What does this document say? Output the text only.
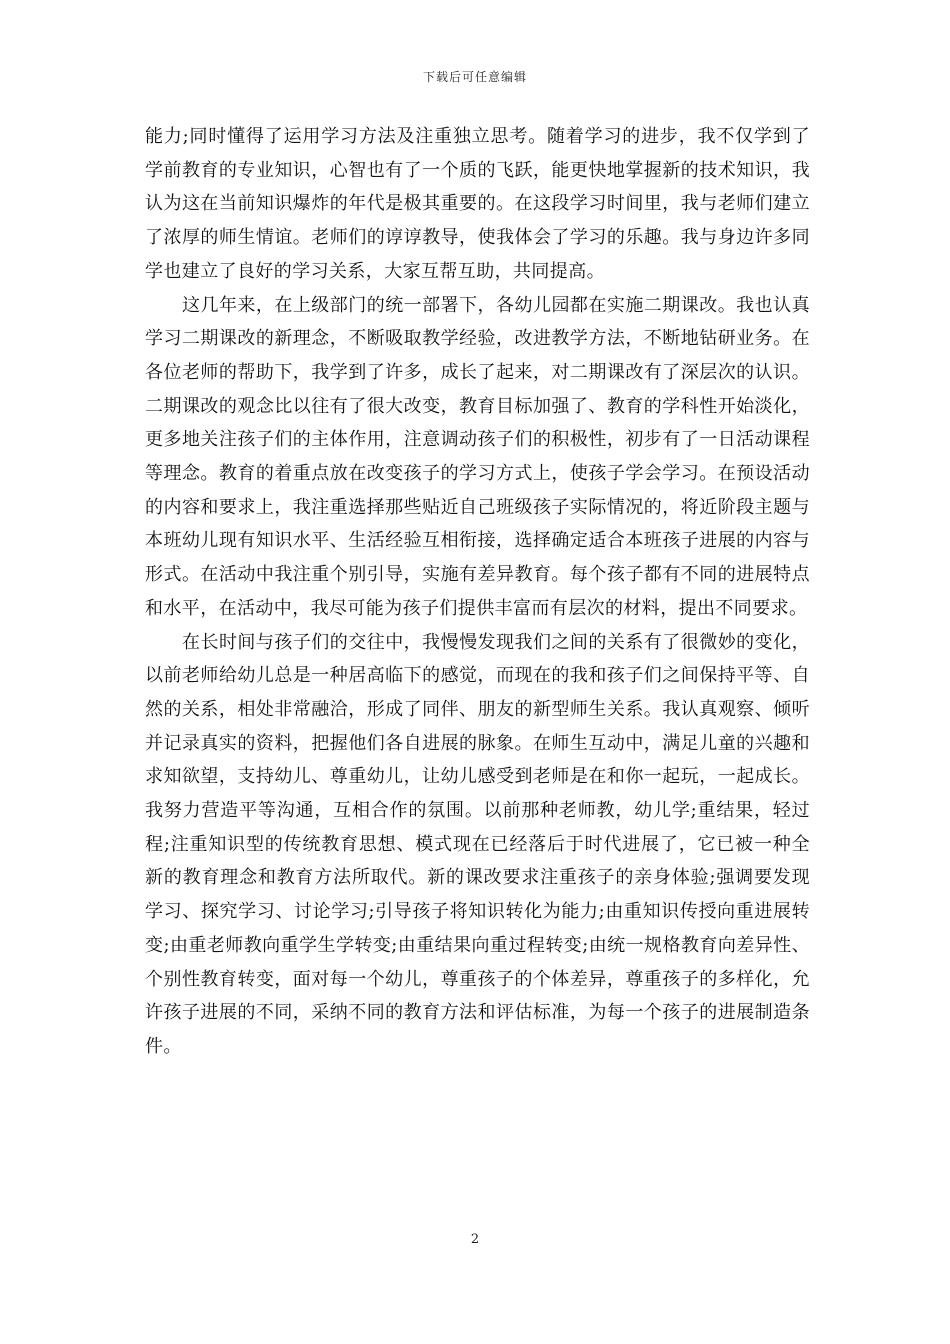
下载后可任意编辑

能力;同时懂得了运用学习方法及注重独立思考。随着学习的进步，我不仅学到了学前教育的专业知识，心智也有了一个质的飞跃，能更快地掌握新的技术知识，我认为这在当前知识爆炸的年代是极其重要的。在这段学习时间里，我与老师们建立了浓厚的师生情谊。老师们的谆谆教导，使我体会了学习的乐趣。我与身边许多同学也建立了良好的学习关系，大家互帮互助，共同提高。

这几年来，在上级部门的统一部署下，各幼儿园都在实施二期课改。我也认真学习二期课改的新理念，不断吸取教学经验，改进教学方法，不断地钻研业务。在各位老师的帮助下，我学到了许多，成长了起来，对二期课改有了深层次的认识。二期课改的观念比以往有了很大改变，教育目标加强了、教育的学科性开始淡化，更多地关注孩子们的主体作用，注意调动孩子们的积极性，初步有了一日活动课程等理念。教育的着重点放在改变孩子的学习方式上，使孩子学会学习。在预设活动的内容和要求上，我注重选择那些贴近自己班级孩子实际情况的，将近阶段主题与本班幼儿现有知识水平、生活经验互相衔接，选择确定适合本班孩子进展的内容与形式。在活动中我注重个别引导，实施有差异教育。每个孩子都有不同的进展特点和水平，在活动中，我尽可能为孩子们提供丰富而有层次的材料，提出不同要求。

在长时间与孩子们的交往中，我慢慢发现我们之间的关系有了很微妙的变化，以前老师给幼儿总是一种居高临下的感觉，而现在的我和孩子们之间保持平等、自然的关系，相处非常融洽，形成了同伴、朋友的新型师生关系。我认真观察、倾听并记录真实的资料，把握他们各自进展的脉象。在师生互动中，满足儿童的兴趣和求知欲望，支持幼儿、尊重幼儿，让幼儿感受到老师是在和你一起玩，一起成长。我努力营造平等沟通，互相合作的氛围。以前那种老师教，幼儿学;重结果，轻过程;注重知识型的传统教育思想、模式现在已经落后于时代进展了，它已被一种全新的教育理念和教育方法所取代。新的课改要求注重孩子的亲身体验;强调要发现学习、探究学习、讨论学习;引导孩子将知识转化为能力;由重知识传授向重进展转变;由重老师教向重学生学转变;由重结果向重过程转变;由统一规格教育向差异性、个别性教育转变，面对每一个幼儿，尊重孩子的个体差异，尊重孩子的多样化，允许孩子进展的不同，采纳不同的教育方法和评估标准，为每一个孩子的进展制造条件。

2
